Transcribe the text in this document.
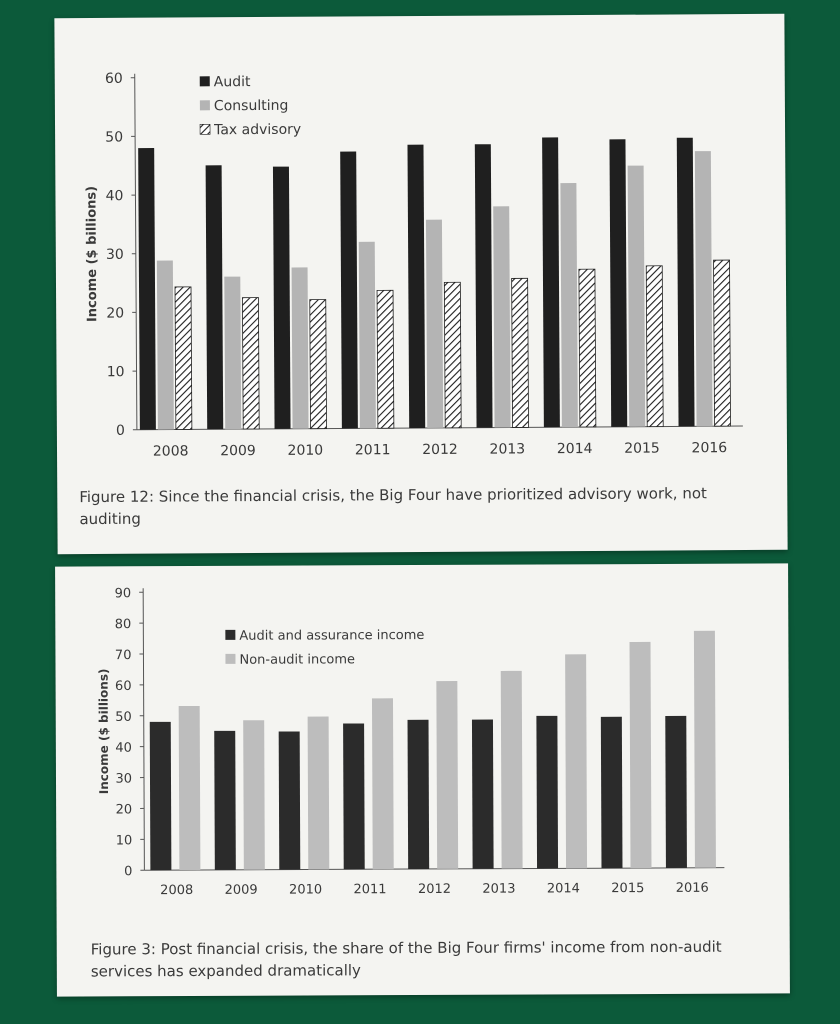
0
10
20
30
40
50
60
Income ($ billions)
2008 2009 2010 2011 2012 2013 2014 2015 2016
Audit
Consulting
Tax advisory

Figure 12: Since the financial crisis, the Big Four have prioritized advisory work, not auditing

0
10
20
30
40
50
60
70
80
90
Income ($ billions)
2008 2009 2010 2011 2012 2013 2014 2015 2016
Audit and assurance income
Non-audit income

Figure 3: Post financial crisis, the share of the Big Four firms' income from non-audit services has expanded dramatically
